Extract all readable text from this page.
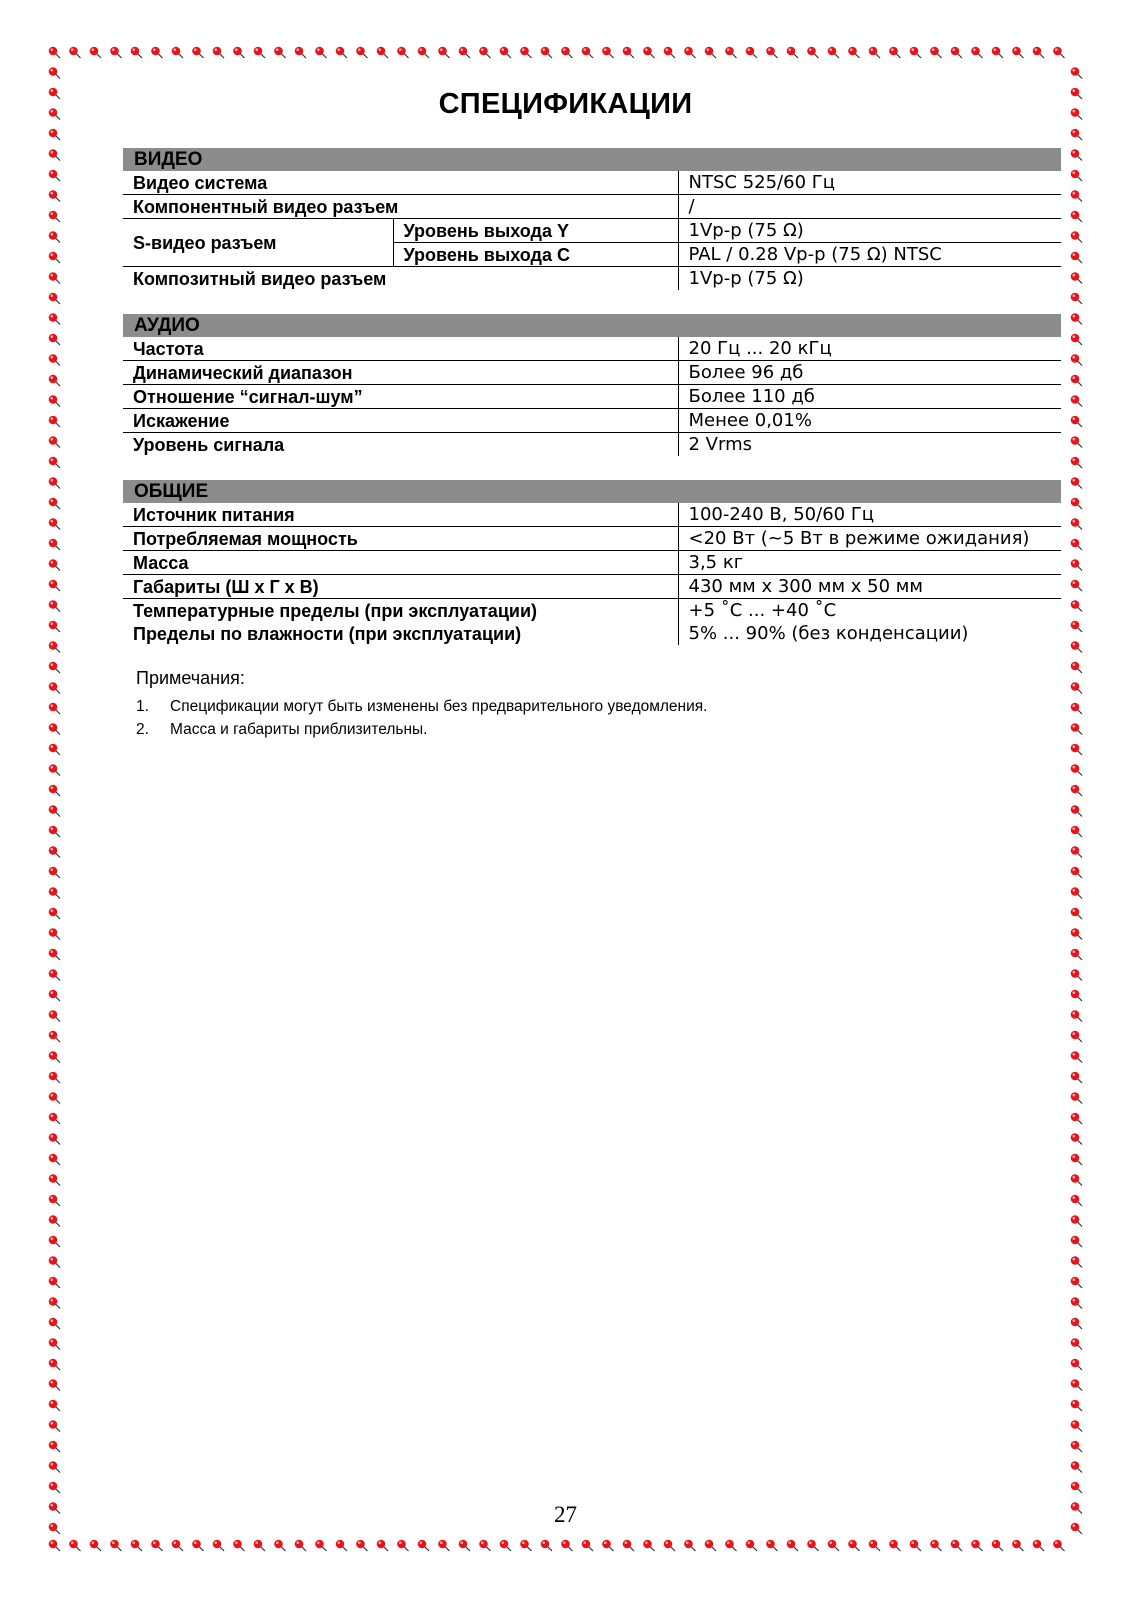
СПЕЦИФИКАЦИИ
ВИДЕО
Видео система		NTSC 525/60 Гц
Компонентный видео разъем		/
S-видео разъем	Уровень выхода Y	1Vp-p (75 Ω)
	Уровень выхода C	PAL / 0.28 Vp-p (75 Ω) NTSC
Композитный видео разъем		1Vp-p (75 Ω)
АУДИО
Частота	20 Гц ... 20 кГц
Динамический диапазон	Более 96 дб
Отношение “сигнал-шум”	Более 110 дб
Искажение	Менее 0,01%
Уровень сигнала	2 Vrms
ОБЩИЕ
Источник питания	100-240 В, 50/60 Гц
Потребляемая мощность	<20 Вт (~5 Вт в режиме ожидания)
Масса	3,5 кг
Габариты (Ш x Г x В)	430 мм x 300 мм x 50 мм
Температурные пределы (при эксплуатации)	+5 ˚C ... +40 ˚C
Пределы по влажности (при эксплуатации)	5% ... 90% (без конденсации)
Примечания:
1.	Спецификации могут быть изменены без предварительного уведомления.
2.	Масса и габариты приблизительны.
27
